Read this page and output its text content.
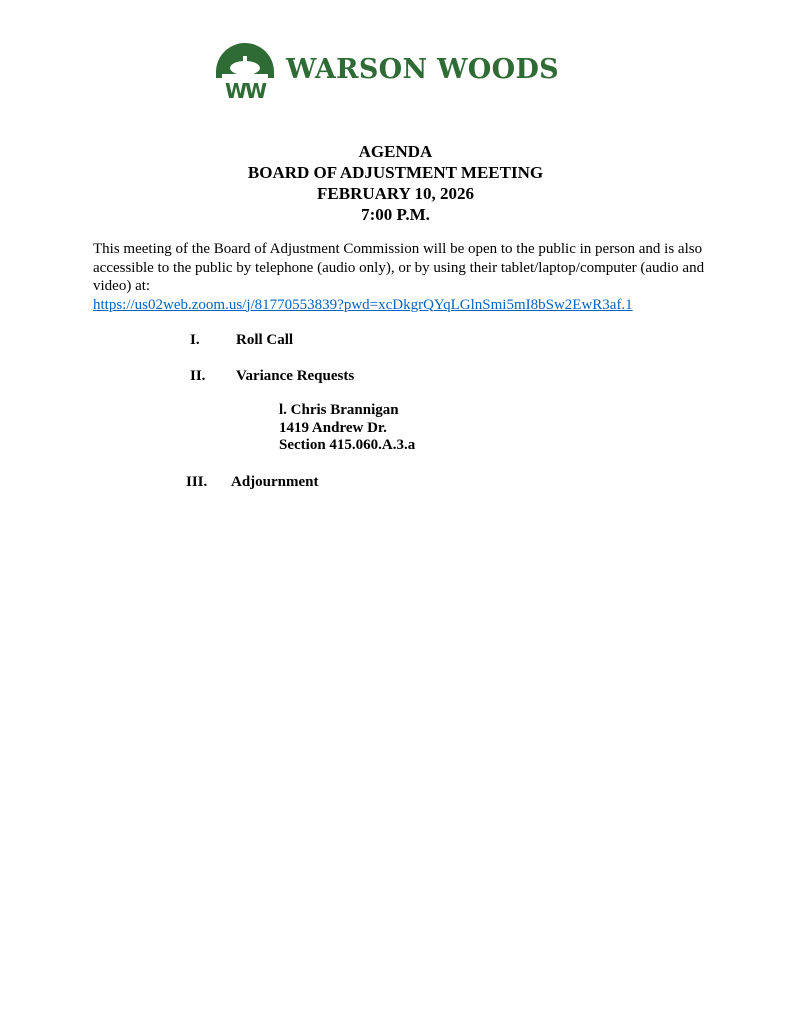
WW
WARSON WOODS
AGENDA
BOARD OF ADJUSTMENT MEETING
FEBRUARY 10, 2026
7:00 P.M.
This meeting of the Board of Adjustment Commission will be open to the public in person and is also accessible to the public by telephone (audio only), or by using their tablet/laptop/computer (audio and video) at:
https://us02web.zoom.us/j/81770553839?pwd=xcDkgrQYqLGlnSmi5mI8bSw2EwR3af.1
I. Roll Call
II. Variance Requests
l. Chris Brannigan
1419 Andrew Dr.
Section 415.060.A.3.a
III. Adjournment
